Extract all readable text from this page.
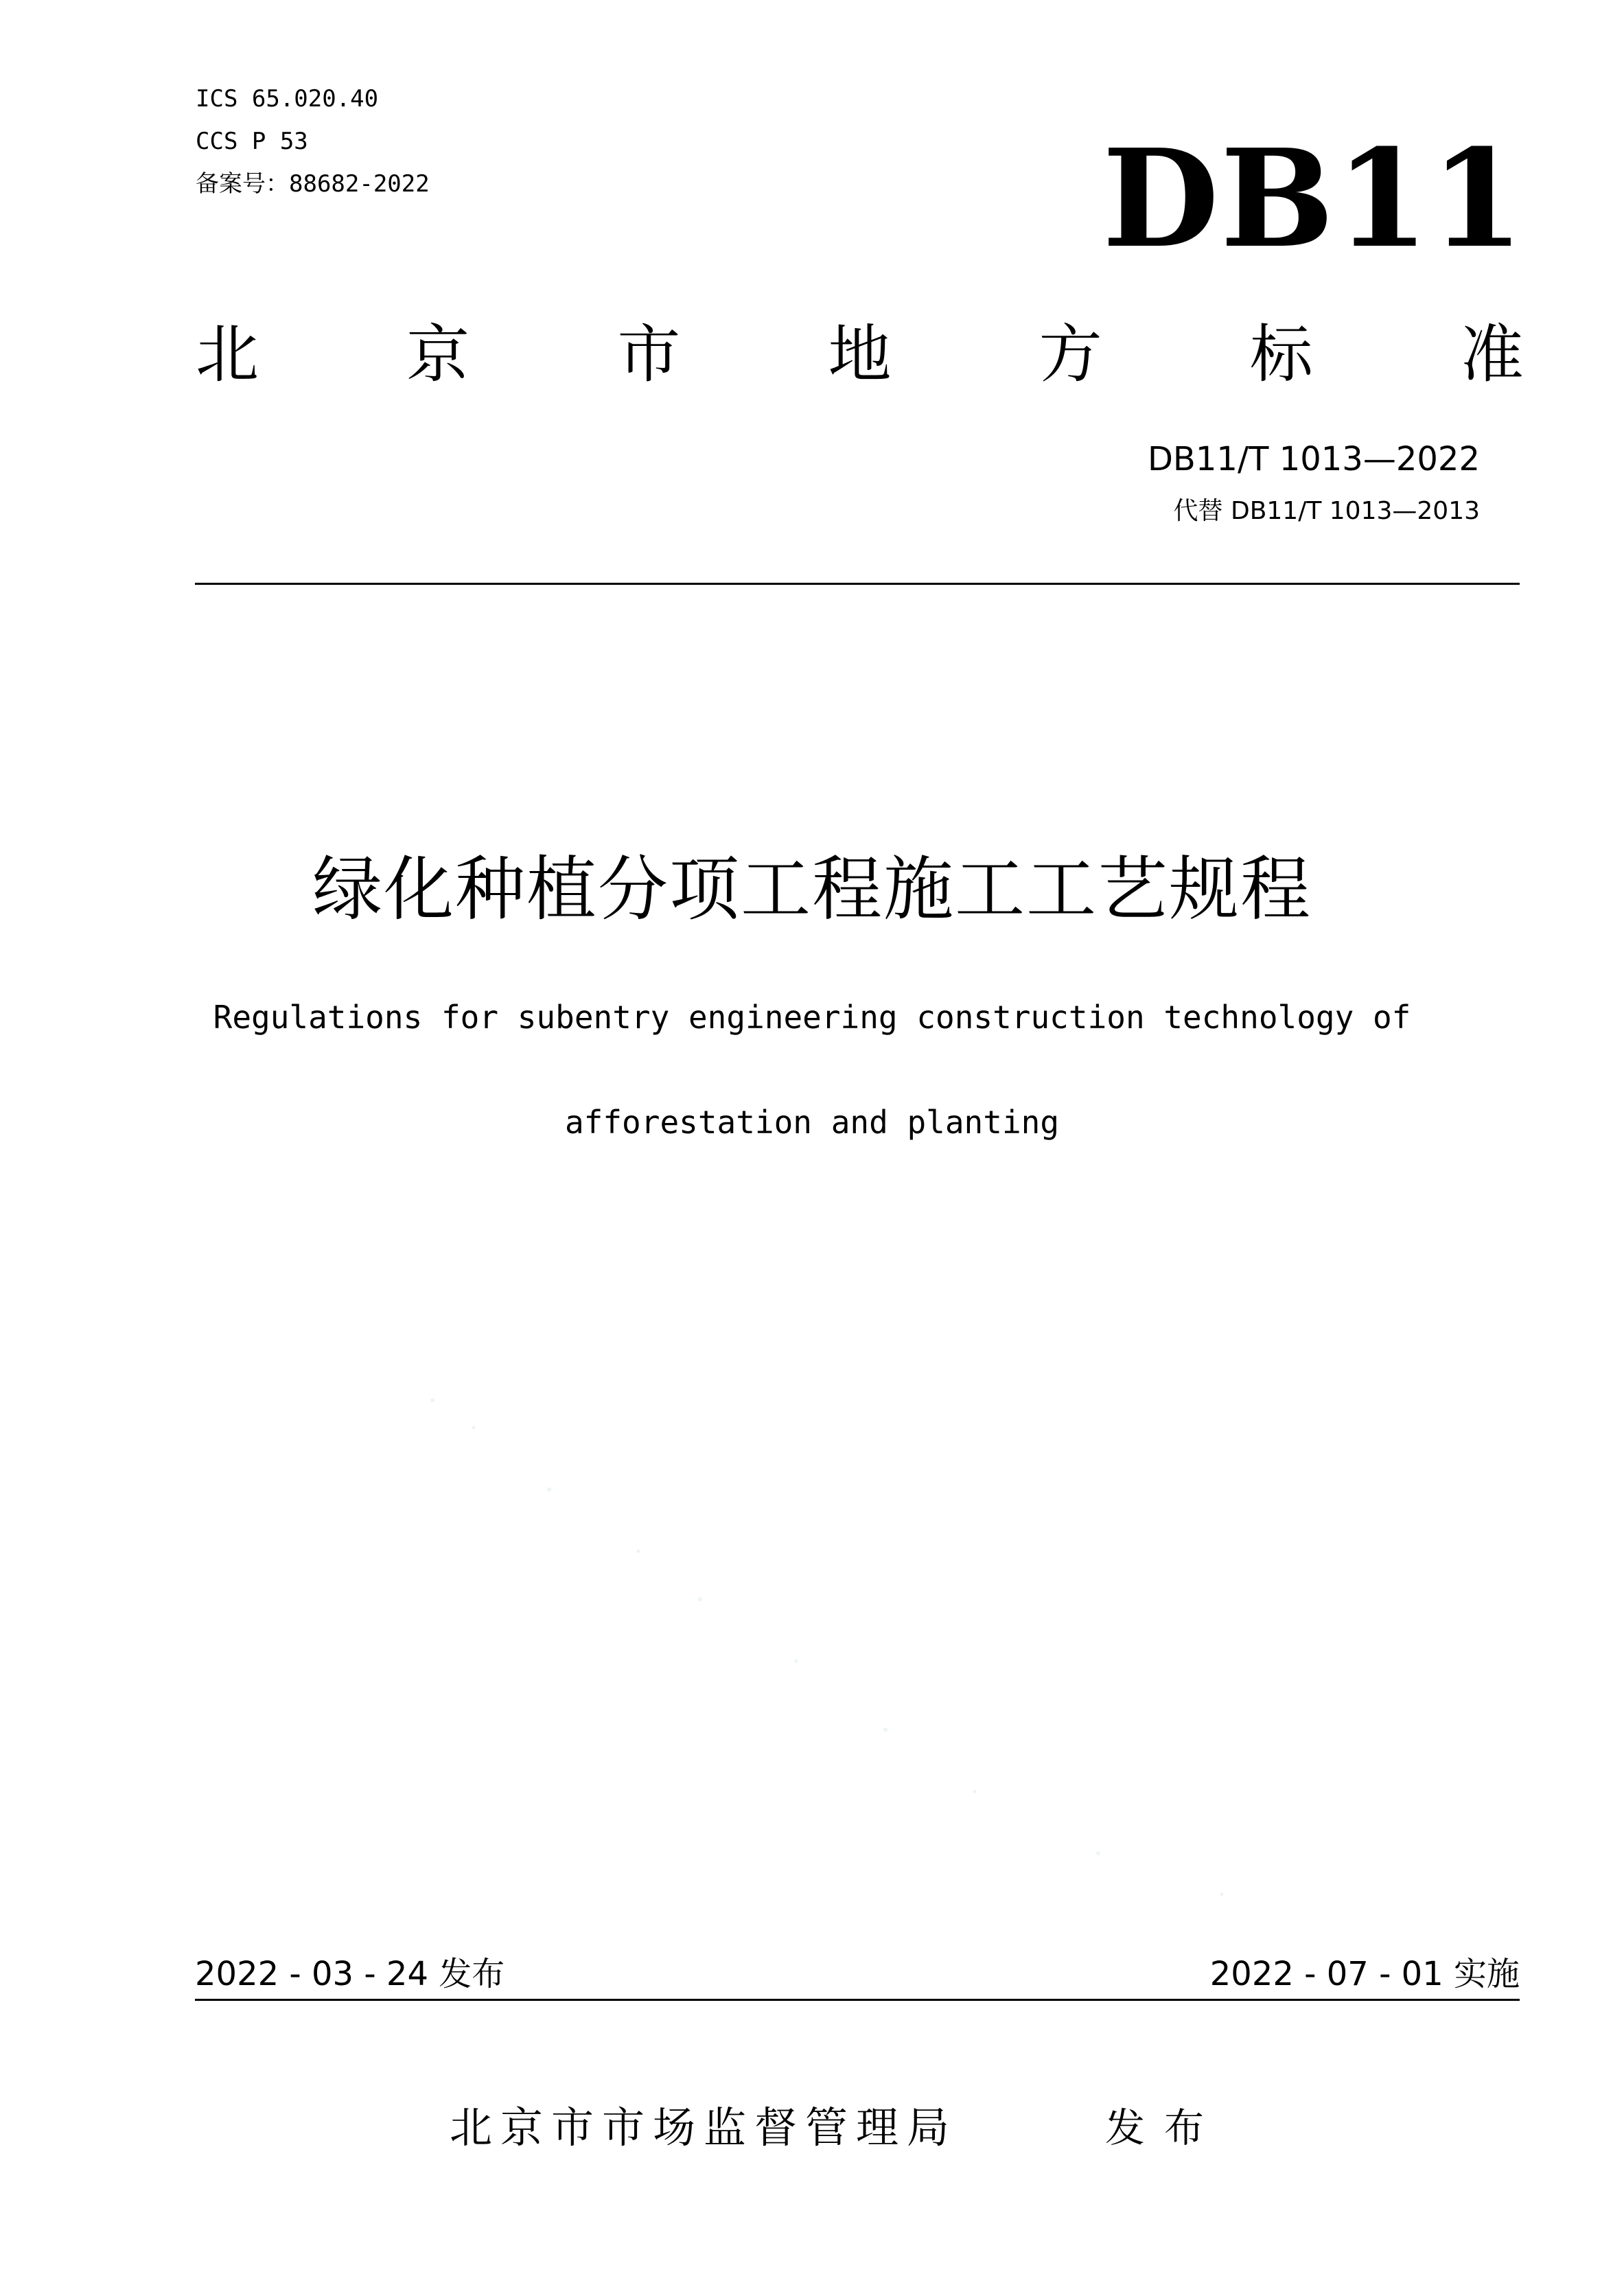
ICS 65.020.40
CCS P 53
备案号：88682-2022	DB11
北 京 市 地 方 标 准
DB11/T 1013—2022
代替 DB11/T 1013—2013
绿化种植分项工程施工工艺规程
Regulations for subentry engineering construction technology of
afforestation and planting
2022 - 03 - 24 发布	2022 - 07 - 01 实施
北京市市场监督管理局	发布
